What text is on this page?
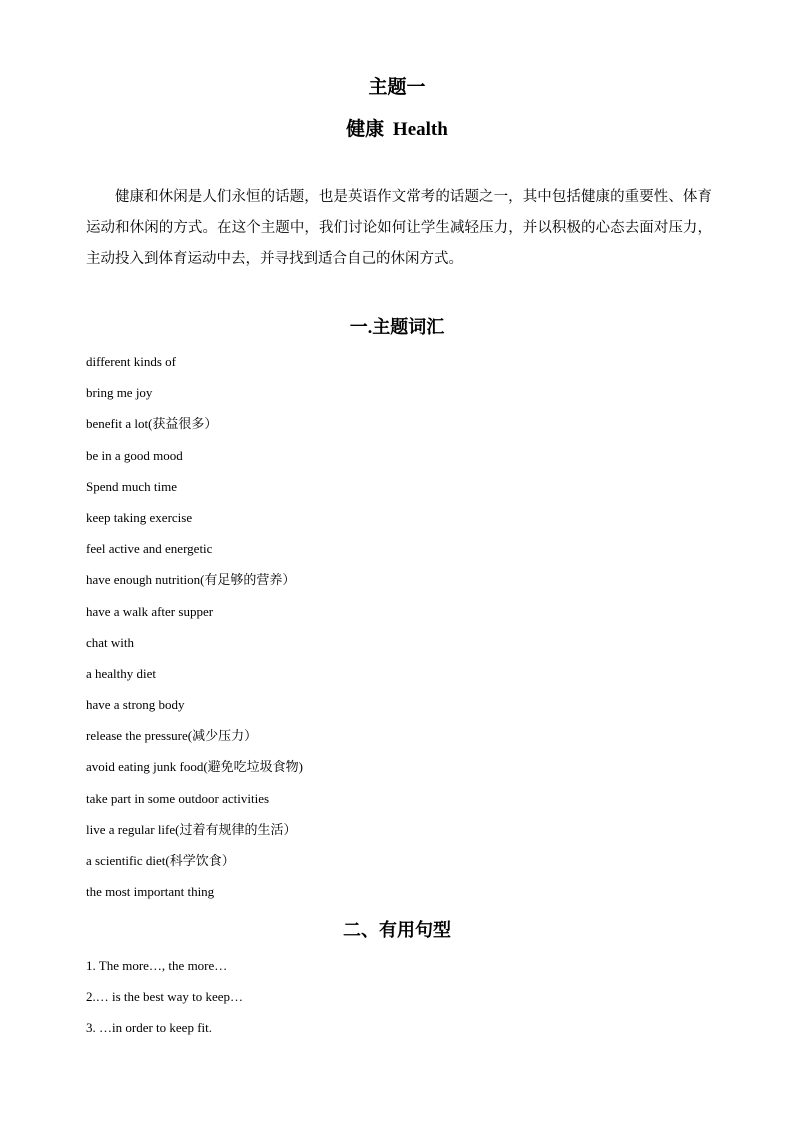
主题一
健康 Health

健康和休闲是人们永恒的话题，也是英语作文常考的话题之一，其中包括健康的重要性、体育运动和休闲的方式。在这个主题中，我们讨论如何让学生减轻压力，并以积极的心态去面对压力，主动投入到体育运动中去，并寻找到适合自己的休闲方式。

一.主题词汇
different kinds of
bring me joy
benefit a lot(获益很多）
be in a good mood
Spend much time
keep taking exercise
feel active and energetic
have enough nutrition(有足够的营养）
have a walk after supper
chat with
a healthy diet
have a strong body
release the pressure(减少压力）
avoid eating junk food(避免吃垃圾食物)
take part in some outdoor activities
live a regular life(过着有规律的生活）
a scientific diet(科学饮食）
the most important thing
二、有用句型
1. The more…, the more…
2.… is the best way to keep…
3. …in order to keep fit.
